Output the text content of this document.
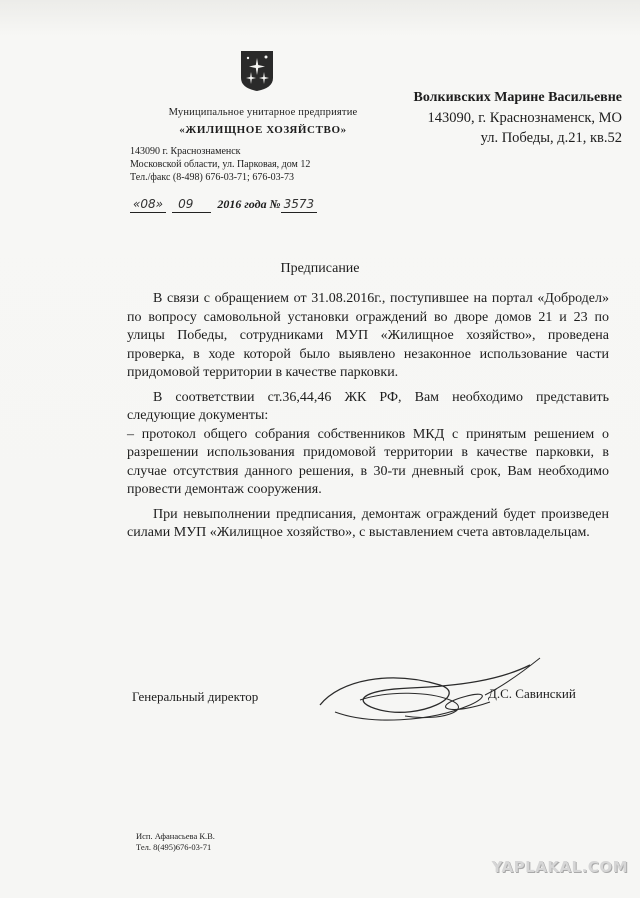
Муниципальное унитарное предприятие
«ЖИЛИЩНОЕ ХОЗЯЙСТВО»
143090 г. Краснознаменск
Московской области, ул. Парковая, дом 12
Тел./факс (8-498) 676-03-71; 676-03-73
Волкивских Марине Васильевне
143090, г. Краснознаменск, МО
ул. Победы, д.21, кв.52
«08» 09 2016 года № 3573
Предписание

В связи с обращением от 31.08.2016г., поступившее на портал «Добродел» по вопросу самовольной установки ограждений во дворе домов 21 и 23 по улицы Победы, сотрудниками МУП «Жилищное хозяйство», проведена проверка, в ходе которой было выявлено незаконное использование части придомовой территории в качестве парковки.

В соответствии ст.36,44,46 ЖК РФ, Вам необходимо представить следующие документы:

– протокол общего собрания собственников МКД с принятым решением о разрешении использования придомовой территории в качестве парковки, в случае отсутствия данного решения, в 30-ти дневный срок, Вам необходимо провести демонтаж сооружения.

При невыполнении предписания, демонтаж ограждений будет произведен силами МУП «Жилищное хозяйство», с выставлением счета автовладельцам.

Генеральный директор	Д.С. Савинский
Исп. Афанасьева К.В.
Тел. 8(495)676-03-71
YAPLAKAL.COM
